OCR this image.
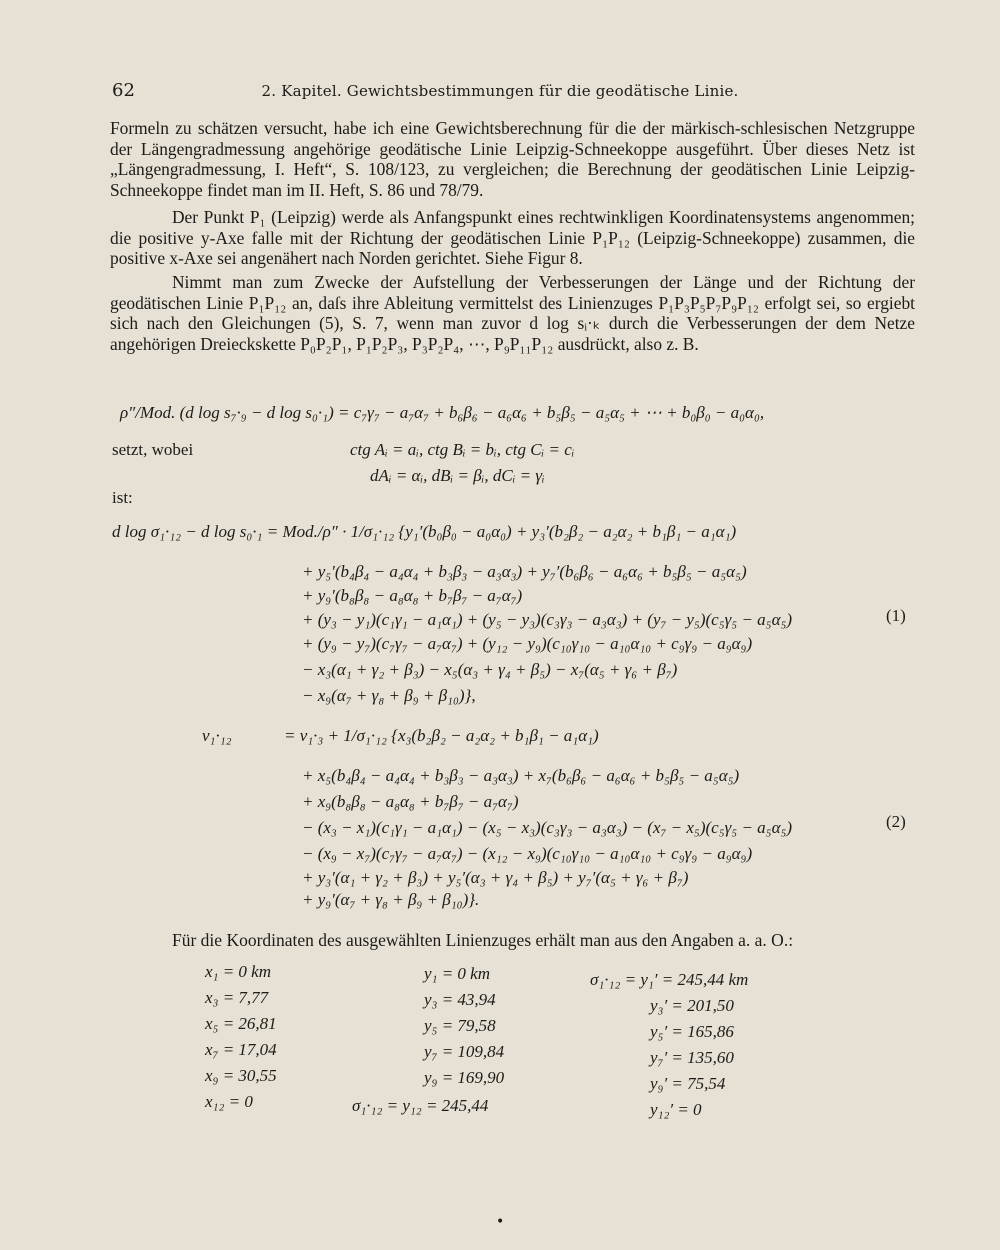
62	2. Kapitel. Gewichtsbestimmungen für die geodätische Linie.
Formeln zu schätzen versucht, habe ich eine Gewichtsberechnung für die der märkisch-schlesischen Netzgruppe der Längengradmessung angehörige geodätische Linie Leipzig-Schneekoppe ausgeführt. Über dieses Netz ist „Längengradmessung, I. Heft“, S. 108/123, zu vergleichen; die Berechnung der geodätischen Linie Leipzig-Schneekoppe findet man im II. Heft, S. 86 und 78/79.
Der Punkt P₁ (Leipzig) werde als Anfangspunkt eines rechtwinkligen Koordinatensystems angenommen; die positive y-Axe falle mit der Richtung der geodätischen Linie P₁P₁₂ (Leipzig-Schneekoppe) zusammen, die positive x-Axe sei angenähert nach Norden gerichtet. Siehe Figur 8.
Nimmt man zum Zwecke der Aufstellung der Verbesserungen der Länge und der Richtung der geodätischen Linie P₁P₁₂ an, daſs ihre Ableitung vermittelst des Linienzuges P₁P₃P₅P₇P₉P₁₂ erfolgt sei, so ergiebt sich nach den Gleichungen (5), S. 7, wenn man zuvor d log sᵢ·ₖ durch die Verbesserungen der dem Netze angehörigen Dreieckskette P₀P₂P₁, P₁P₂P₃, P₃P₂P₄, ⋯, P₉P₁₁P₁₂ ausdrückt, also z. B.
ρ″/Mod. (d log s₇·₉ − d log s₀·₁) = c₇γ₇ − a₇α₇ + b₆β₆ − a₆α₆ + b₅β₅ − a₅α₅ + ⋯ + b₀β₀ − a₀α₀,
setzt, wobei	ctg Aᵢ = aᵢ, ctg Bᵢ = bᵢ, ctg Cᵢ = cᵢ
dAᵢ = αᵢ, dBᵢ = βᵢ, dCᵢ = γᵢ
ist:
d log σ₁·₁₂ − d log s₀·₁ = Mod./ρ″ · 1/σ₁·₁₂ {y₁′(b₀β₀ − a₀α₀) + y₃′(b₂β₂ − a₂α₂ + b₁β₁ − a₁α₁)
+ y₅′(b₄β₄ − a₄α₄ + b₃β₃ − a₃α₃) + y₇′(b₆β₆ − a₆α₆ + b₅β₅ − a₅α₅)
+ y₉′(b₈β₈ − a₈α₈ + b₇β₇ − a₇α₇)
+ (y₃ − y₁)(c₁γ₁ − a₁α₁) + (y₅ − y₃)(c₃γ₃ − a₃α₃) + (y₇ − y₅)(c₅γ₅ − a₅α₅)
+ (y₉ − y₇)(c₇γ₇ − a₇α₇) + (y₁₂ − y₉)(c₁₀γ₁₀ − a₁₀α₁₀ + c₉γ₉ − a₉α₉)
− x₃(α₁ + γ₂ + β₃) − x₅(α₃ + γ₄ + β₅) − x₇(α₅ + γ₆ + β₇)
− x₉(α₇ + γ₈ + β₉ + β₁₀)},
(1)
v₁·₁₂	= v₁·₃ + 1/σ₁·₁₂ {x₃(b₂β₂ − a₂α₂ + b₁β₁ − a₁α₁)
+ x₅(b₄β₄ − a₄α₄ + b₃β₃ − a₃α₃) + x₇(b₆β₆ − a₆α₆ + b₅β₅ − a₅α₅)
+ x₉(b₈β₈ − a₈α₈ + b₇β₇ − a₇α₇)
− (x₃ − x₁)(c₁γ₁ − a₁α₁) − (x₅ − x₃)(c₃γ₃ − a₃α₃) − (x₇ − x₅)(c₅γ₅ − a₅α₅)
− (x₉ − x₇)(c₇γ₇ − a₇α₇) − (x₁₂ − x₉)(c₁₀γ₁₀ − a₁₀α₁₀ + c₉γ₉ − a₉α₉)
+ y₃′(α₁ + γ₂ + β₃) + y₅′(α₃ + γ₄ + β₅) + y₇′(α₅ + γ₆ + β₇)
+ y₉′(α₇ + γ₈ + β₉ + β₁₀)}.
(2)
Für die Koordinaten des ausgewählten Linienzuges erhält man aus den Angaben a. a. O.:
x₁ = 0 km
x₃ = 7,77
x₅ = 26,81
x₇ = 17,04
x₉ = 30,55
x₁₂ = 0
y₁ = 0 km
y₃ = 43,94
y₅ = 79,58
y₇ = 109,84
y₉ = 169,90
σ₁·₁₂ = y₁₂ = 245,44
σ₁·₁₂ = y₁′ = 245,44 km
y₃′ = 201,50
y₅′ = 165,86
y₇′ = 135,60
y₉′ = 75,54
y₁₂′ = 0
•
